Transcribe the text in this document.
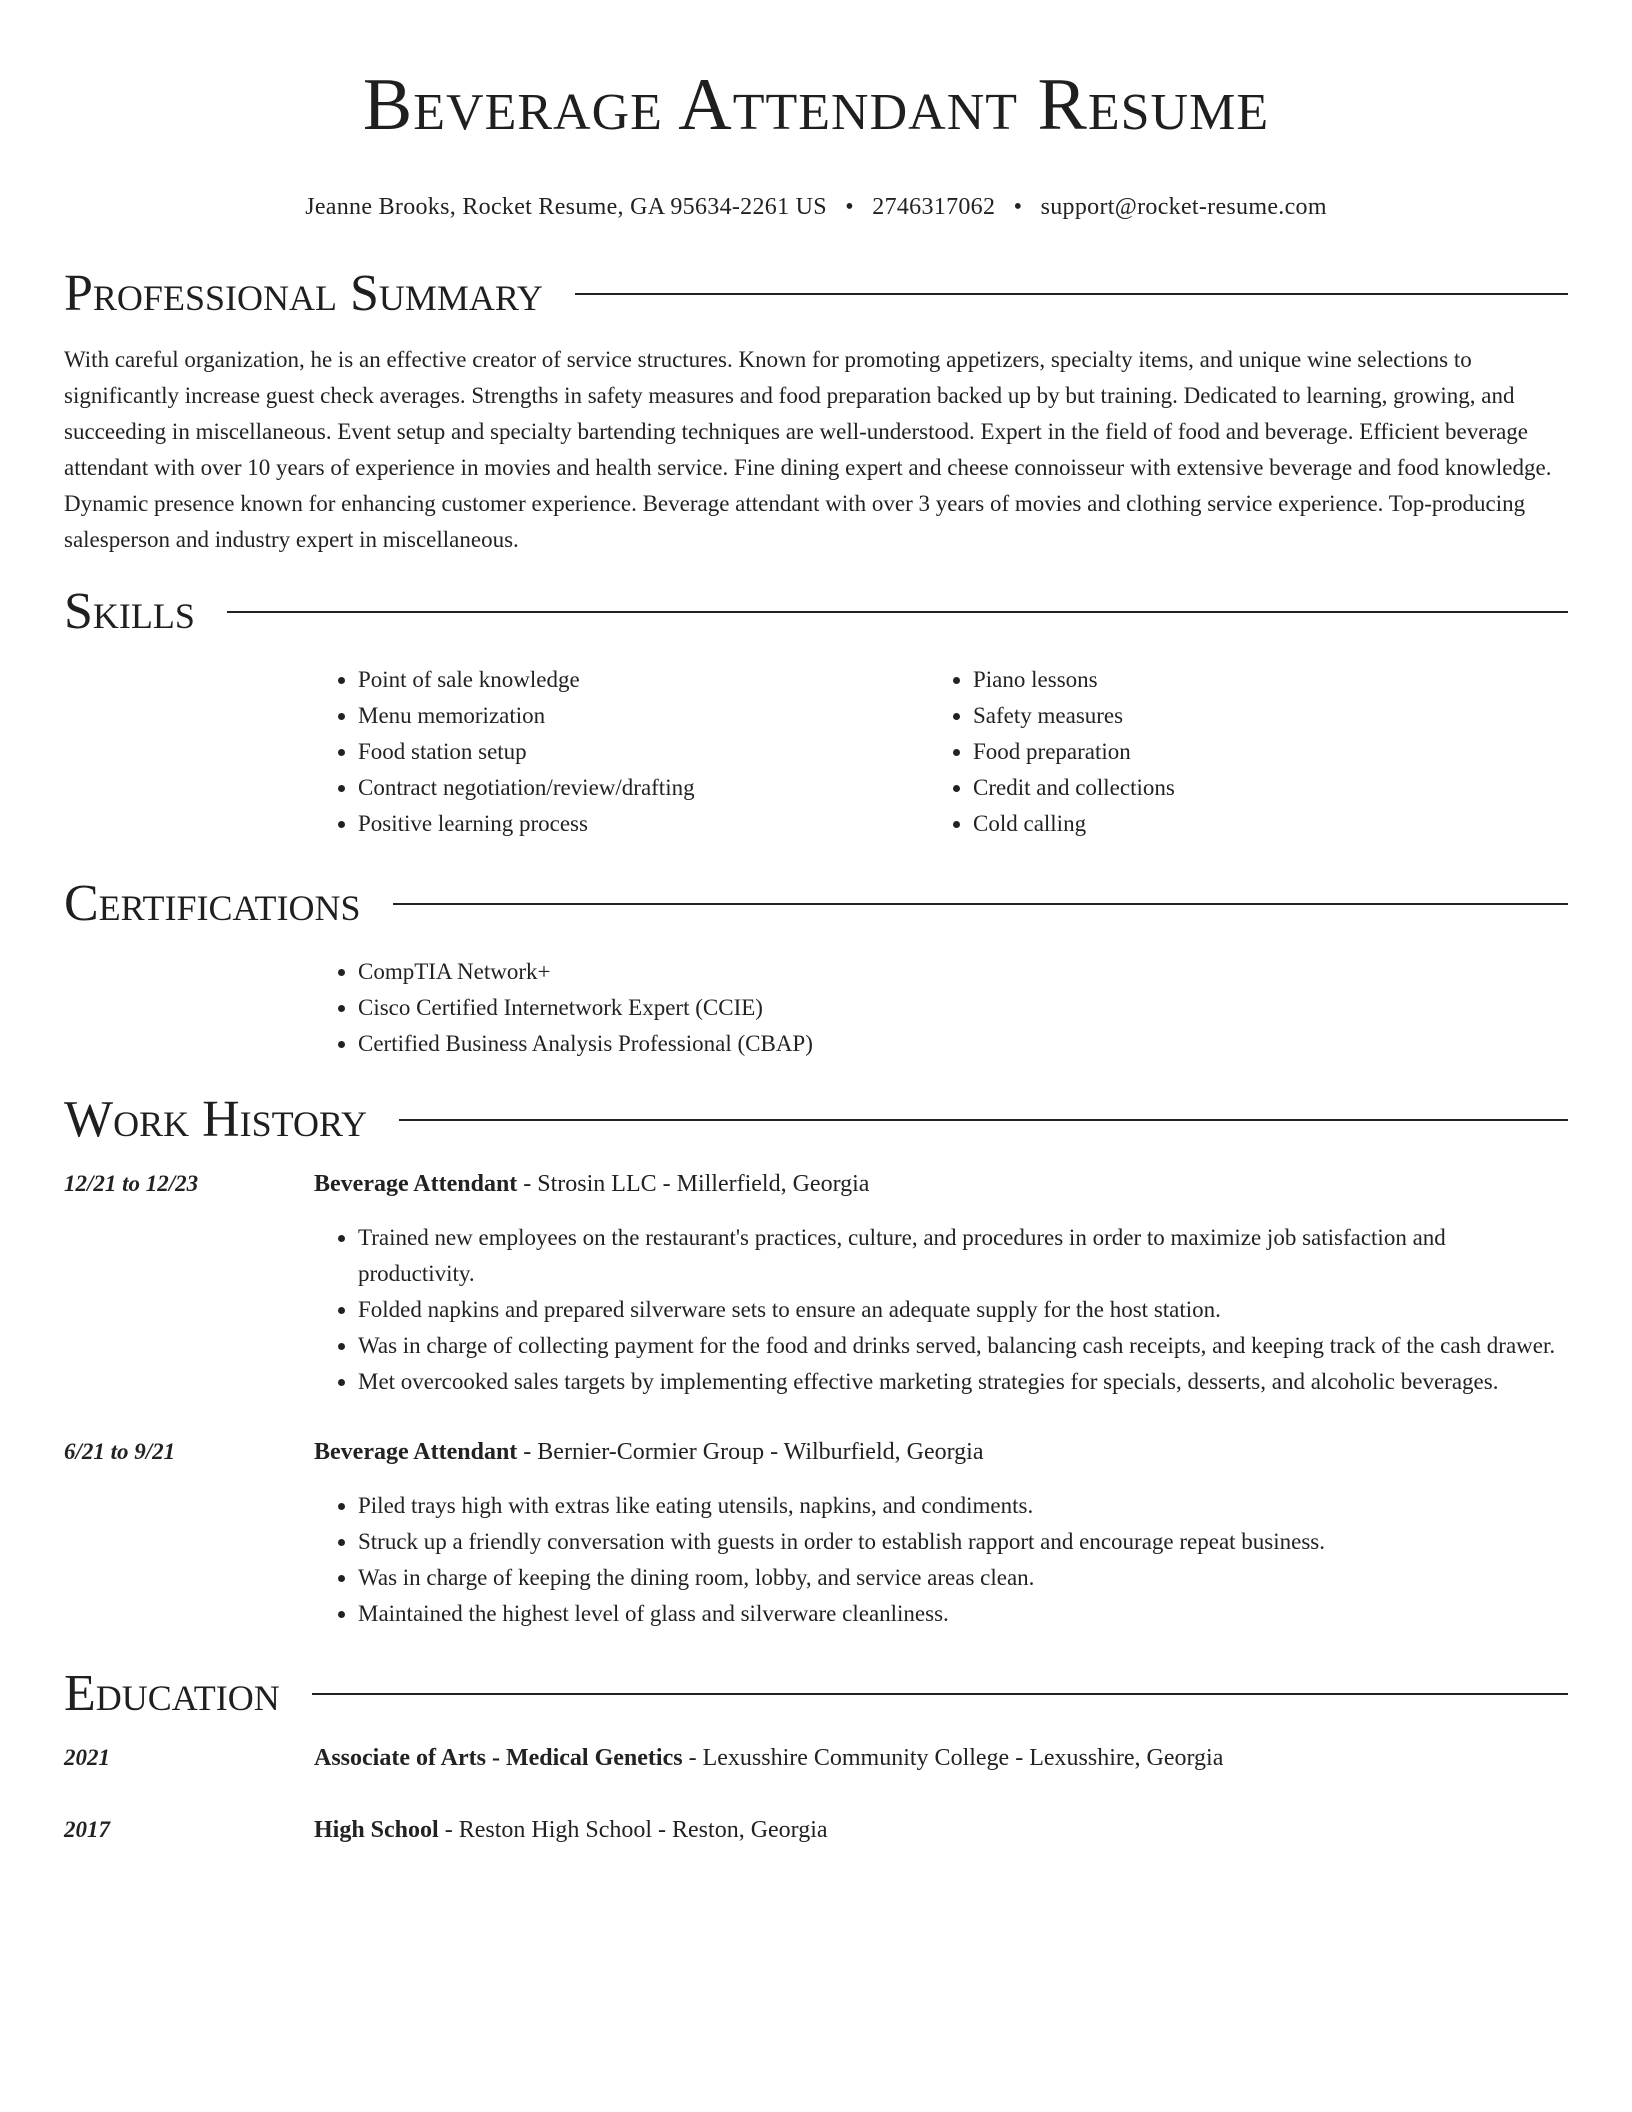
Beverage Attendant Resume
Jeanne Brooks, Rocket Resume, GA 95634-2261 US • 2746317062 • support@rocket-resume.com
Professional Summary

With careful organization, he is an effective creator of service structures. Known for promoting appetizers, specialty items, and unique wine selections to significantly increase guest check averages. Strengths in safety measures and food preparation backed up by but training. Dedicated to learning, growing, and succeeding in miscellaneous. Event setup and specialty bartending techniques are well-understood. Expert in the field of food and beverage. Efficient beverage attendant with over 10 years of experience in movies and health service. Fine dining expert and cheese connoisseur with extensive beverage and food knowledge. Dynamic presence known for enhancing customer experience. Beverage attendant with over 3 years of movies and clothing service experience. Top-producing salesperson and industry expert in miscellaneous.

Skills
• Point of sale knowledge
• Menu memorization
• Food station setup
• Contract negotiation/review/drafting
• Positive learning process
• Piano lessons
• Safety measures
• Food preparation
• Credit and collections
• Cold calling
Certifications
• CompTIA Network+
• Cisco Certified Internetwork Expert (CCIE)
• Certified Business Analysis Professional (CBAP)
Work History
12/21 to 12/23	Beverage Attendant - Strosin LLC - Millerfield, Georgia
• Trained new employees on the restaurant's practices, culture, and procedures in order to maximize job satisfaction and productivity.
• Folded napkins and prepared silverware sets to ensure an adequate supply for the host station.
• Was in charge of collecting payment for the food and drinks served, balancing cash receipts, and keeping track of the cash drawer.
• Met overcooked sales targets by implementing effective marketing strategies for specials, desserts, and alcoholic beverages.
6/21 to 9/21	Beverage Attendant - Bernier-Cormier Group - Wilburfield, Georgia
• Piled trays high with extras like eating utensils, napkins, and condiments.
• Struck up a friendly conversation with guests in order to establish rapport and encourage repeat business.
• Was in charge of keeping the dining room, lobby, and service areas clean.
• Maintained the highest level of glass and silverware cleanliness.
Education
2021	Associate of Arts - Medical Genetics - Lexusshire Community College - Lexusshire, Georgia
2017	High School - Reston High School - Reston, Georgia
